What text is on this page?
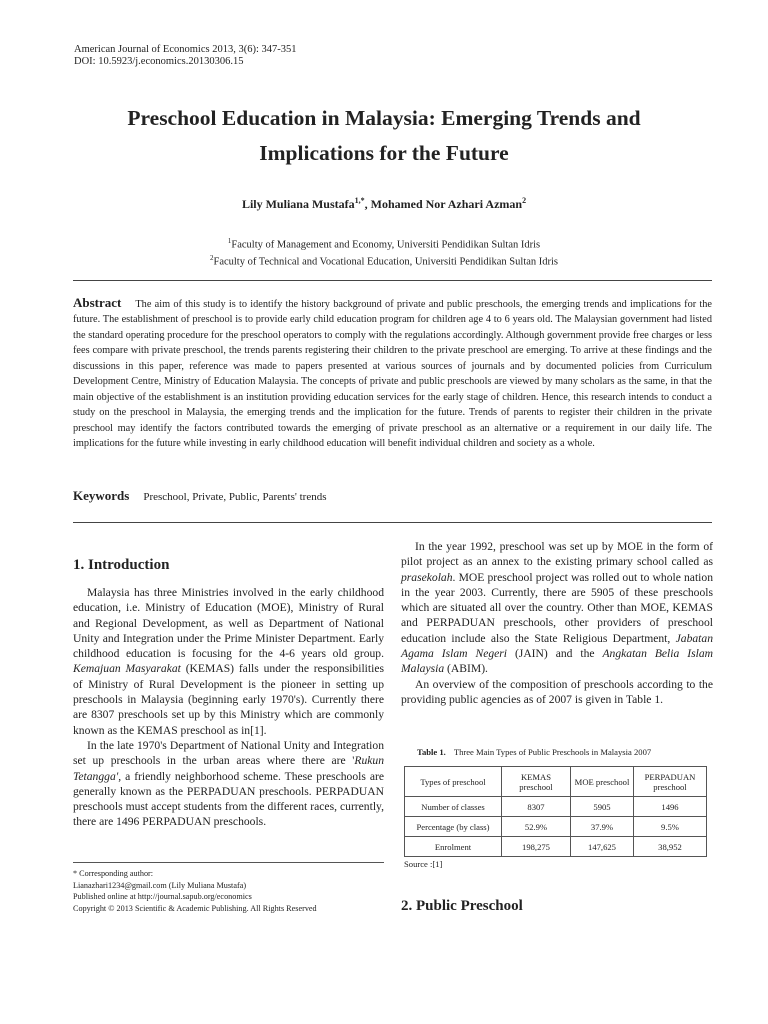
American Journal of Economics 2013, 3(6): 347-351
DOI: 10.5923/j.economics.20130306.15
Preschool Education in Malaysia: Emerging Trends and
Implications for the Future
Lily Muliana Mustafa$^{1,*}$, Mohamed Nor Azhari Azman$^2$
$^1$Faculty of Management and Economy, Universiti Pendidikan Sultan Idris
$^2$Faculty of Technical and Vocational Education, Universiti Pendidikan Sultan Idris
Abstract The aim of this study is to identify the history background of private and public preschools, the emerging trends and implications for the future. The establishment of preschool is to provide early child education program for children age 4 to 6 years old. The Malaysian government had listed the standard operating procedure for the preschool operators to comply with the regulations accordingly. Although government provide free charges or less fees compare with private preschool, the trends parents registering their children to the private preschool are emerging. To arrive at these findings and the discussions in this paper, reference was made to papers presented at various sources of journals and by documented policies from Curriculum Development Centre, Ministry of Education Malaysia. The concepts of private and public preschools are viewed by many scholars as the same, in that the main objective of the establishment is an institution providing education services for the early stage of children. Hence, this research intends to conduct a study on the preschool in Malaysia, the emerging trends and the implication for the future. Trends of parents to register their children in the private preschool may identify the factors contributed towards the emerging of private preschool as an alternative or a requirement in our daily life. The implications for the future while investing in early childhood education will benefit individual children and society as a whole.
Keywords Preschool, Private, Public, Parents' trends
1. Introduction

Malaysia has three Ministries involved in the early childhood education, i.e. Ministry of Education (MOE), Ministry of Rural and Regional Development, as well as Department of National Unity and Integration under the Prime Minister Department. Early childhood education is focusing for the 4-6 years old group. Kemajuan Masyarakat (KEMAS) falls under the responsibilities of Ministry of Rural Development is the pioneer in setting up preschools in Malaysia (beginning early 1970's). Currently there are 8307 preschools set up by this Ministry which are commonly known as the KEMAS preschool as in[1].

In the late 1970's Department of National Unity and Integration set up preschools in the urban areas where there are 'Rukun Tetangga', a friendly neighborhood scheme. These preschools are generally known as the PERPADUAN preschools. PERPADUAN preschools must accept students from the different races, currently, there are 1496 PERPADUAN preschools.

* Corresponding author:
Lianazhari1234@gmail.com (Lily Muliana Mustafa)
Published online at http://journal.sapub.org/economics
Copyright © 2013 Scientific & Academic Publishing. All Rights Reserved

In the year 1992, preschool was set up by MOE in the form of pilot project as an annex to the existing primary school called as prasekolah. MOE preschool project was rolled out to whole nation in the year 2003. Currently, there are 5905 of these preschools which are situated all over the country. Other than MOE, KEMAS and PERPADUAN preschools, other providers of preschool education include also the State Religious Department, Jabatan Agama Islam Negeri (JAIN) and the Angkatan Belia Islam Malaysia (ABIM).

An overview of the composition of preschools according to the providing public agencies as of 2007 is given in Table 1.

Table 1. Three Main Types of Public Preschools in Malaysia 2007
Types of preschool	KEMAS preschool	MOE preschool	PERPADUAN preschool
Number of classes	8307	5905	1496
Percentage (by class)	52.9%	37.9%	9.5%
Enrolment	198,275	147,625	38,952
Source :[1]
2. Public Preschool
